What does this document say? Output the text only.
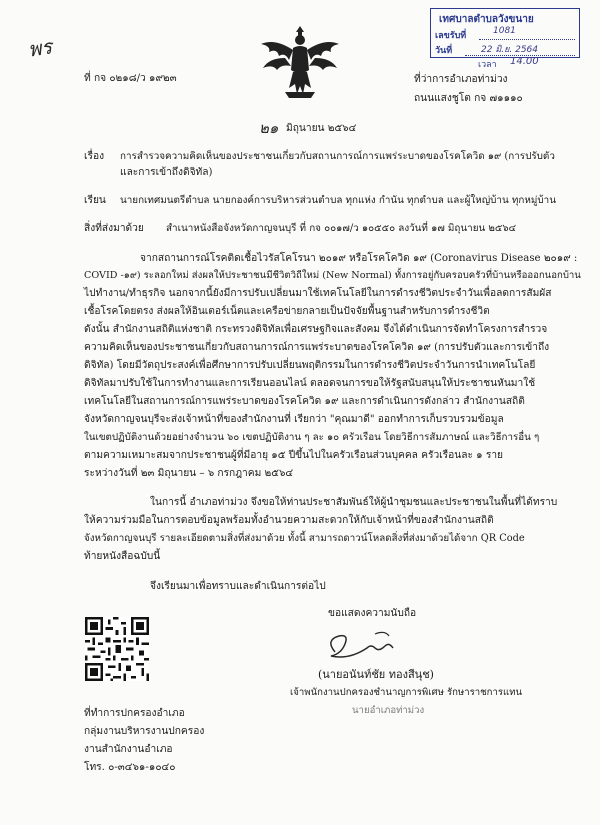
พร
เทศบาลตำบลวังขนาย
เลขรับที่	1081
วันที่	22 มิ.ย. 2564
เวลา 14.00
ที่ กจ ๐๒๑๘/ว ๑๙๒๓	ที่ว่าการอำเภอท่าม่วง
ถนนแสงชูโต กจ ๗๑๑๑๐
๒๑ มิถุนายน ๒๕๖๔
เรื่อง การสำรวจความคิดเห็นของประชาชนเกี่ยวกับสถานการณ์การแพร่ระบาดของโรคโควิด ๑๙ (การปรับตัว
และการเข้าถึงดิจิทัล)
เรียน นายกเทศมนตรีตำบล นายกองค์การบริหารส่วนตำบล ทุกแห่ง กำนัน ทุกตำบล และผู้ใหญ่บ้าน ทุกหมู่บ้าน
สิ่งที่ส่งมาด้วย สำเนาหนังสือจังหวัดกาญจนบุรี ที่ กจ ๐๐๑๗/ว ๑๐๕๕๐ ลงวันที่ ๑๗ มิถุนายน ๒๕๖๔
จากสถานการณ์โรคติดเชื้อไวรัสโคโรนา ๒๐๑๙ หรือโรคโควิด ๑๙ (Coronavirus Disease ๒๐๑๙ :
COVID -๑๙) ระลอกใหม่ ส่งผลให้ประชาชนมีชีวิตวิถีใหม่ (New Normal) ทั้งการอยู่กับครอบครัวที่บ้านหรือออกนอกบ้าน
ไปทำงาน/ทำธุรกิจ นอกจากนี้ยังมีการปรับเปลี่ยนมาใช้เทคโนโลยีในการดำรงชีวิตประจำวันเพื่อลดการสัมผัส
เชื้อโรคโดยตรง ส่งผลให้อินเตอร์เน็ตและเครือข่ายกลายเป็นปัจจัยพื้นฐานสำหรับการดำรงชีวิต
ดังนั้น สำนักงานสถิติแห่งชาติ กระทรวงดิจิทัลเพื่อเศรษฐกิจและสังคม จึงได้ดำเนินการจัดทำโครงการสำรวจ
ความคิดเห็นของประชาชนเกี่ยวกับสถานการณ์การแพร่ระบาดของโรคโควิด ๑๙ (การปรับตัวและการเข้าถึง
ดิจิทัล) โดยมีวัตถุประสงค์เพื่อศึกษาการปรับเปลี่ยนพฤติกรรมในการดำรงชีวิตประจำวันการนำเทคโนโลยี
ดิจิทัลมาปรับใช้ในการทำงานและการเรียนออนไลน์ ตลอดจนการขอให้รัฐสนับสนุนให้ประชาชนหันมาใช้
เทคโนโลยีในสถานการณ์การแพร่ระบาดของโรคโควิด ๑๙ และการดำเนินการดังกล่าว สำนักงานสถิติ
จังหวัดกาญจนบุรีจะส่งเจ้าหน้าที่ของสำนักงานที่ เรียกว่า "คุณมาดี" ออกทำการเก็บรวบรวมข้อมูล
ในเขตปฏิบัติงานด้วยอย่างจำนวน ๖๐ เขตปฏิบัติงาน ๆ ละ ๑๐ ครัวเรือน โดยวิธีการสัมภาษณ์ และวิธีการอื่น ๆ
ตามความเหมาะสมจากประชาชนผู้ที่มีอายุ ๑๕ ปีขึ้นไปในครัวเรือนส่วนบุคคล ครัวเรือนละ ๑ ราย
ระหว่างวันที่ ๒๓ มิถุนายน – ๖ กรกฎาคม ๒๕๖๔
ในการนี้ อำเภอท่าม่วง จึงขอให้ท่านประชาสัมพันธ์ให้ผู้นำชุมชนและประชาชนในพื้นที่ได้ทราบ
ให้ความร่วมมือในการตอบข้อมูลพร้อมทั้งอำนวยความสะดวกให้กับเจ้าหน้าที่ของสำนักงานสถิติ
จังหวัดกาญจนบุรี รายละเอียดตามสิ่งที่ส่งมาด้วย ทั้งนี้ สามารถดาวน์โหลดสิ่งที่ส่งมาด้วยได้จาก QR Code
ท้ายหนังสือฉบับนี้
จึงเรียนมาเพื่อทราบและดำเนินการต่อไป
ขอแสดงความนับถือ
(นายอนันท์ชัย ทองสีนุช)
เจ้าพนักงานปกครองชำนาญการพิเศษ รักษาราชการแทน
นายอำเภอท่าม่วง
ที่ทำการปกครองอำเภอ
กลุ่มงานบริหารงานปกครอง
งานสำนักงานอำเภอ
โทร. ๐-๓๔๖๑-๑๐๔๐
